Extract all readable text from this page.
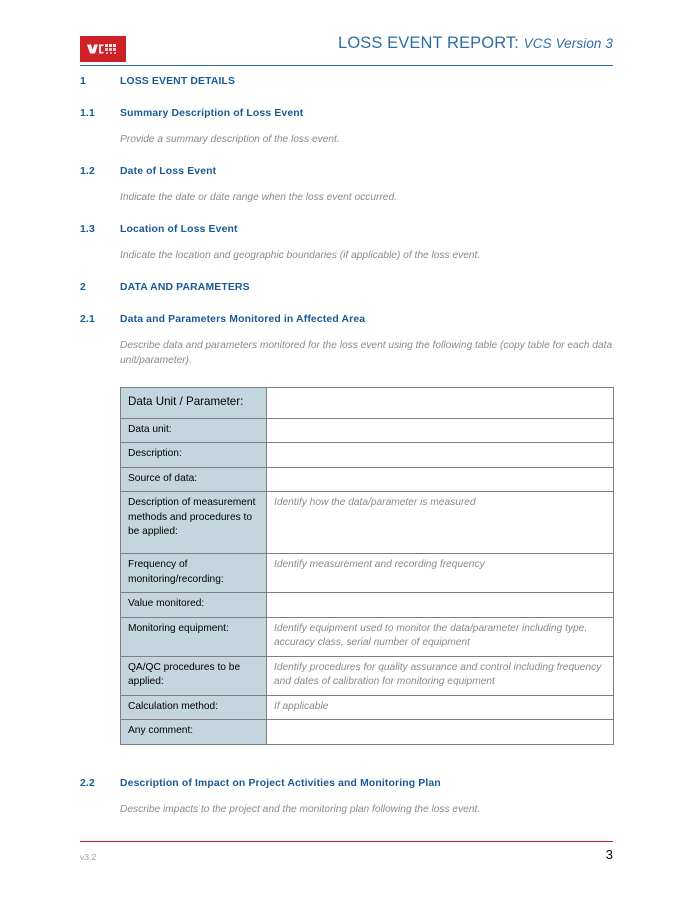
LOSS EVENT REPORT: VCS Version 3
1	LOSS EVENT DETAILS
1.1	Summary Description of Loss Event
Provide a summary description of the loss event.
1.2	Date of Loss Event
Indicate the date or date range when the loss event occurred.
1.3	Location of Loss Event
Indicate the location and geographic boundaries (if applicable) of the loss event.
2	DATA AND PARAMETERS
2.1	Data and Parameters Monitored in Affected Area
Describe data and parameters monitored for the loss event using the following table (copy table for each data unit/parameter).
Data Unit / Parameter:	
Data unit:	
Description:	
Source of data:	
Description of measurement methods and procedures to be applied:	Identify how the data/parameter is measured
Frequency of monitoring/recording:	Identify measurement and recording frequency
Value monitored:	
Monitoring equipment:	Identify equipment used to monitor the data/parameter including type, accuracy class, serial number of equipment
QA/QC procedures to be applied:	Identify procedures for quality assurance and control including frequency and dates of calibration for monitoring equipment
Calculation method:	If applicable
Any comment:	
2.2	Description of Impact on Project Activities and Monitoring Plan
Describe impacts to the project and the monitoring plan following the loss event.
v3.2	3
